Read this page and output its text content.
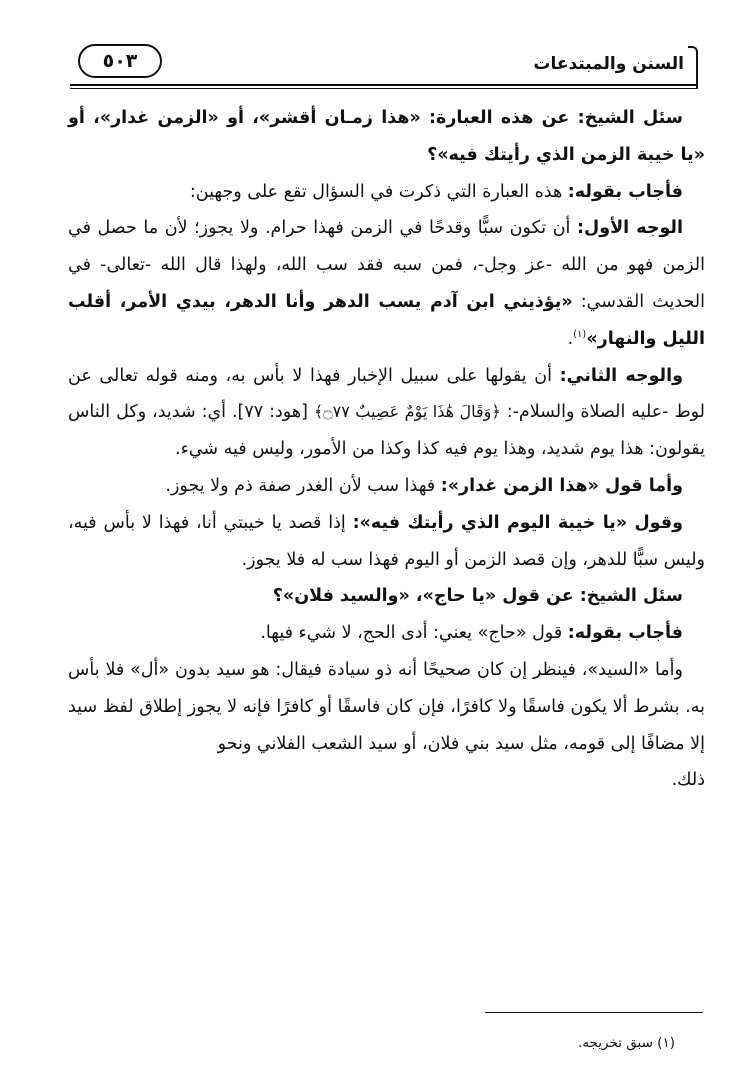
السنن والمبتدعات
٥٠٣

سئل الشيخ: عن هذه العبارة: «هذا زمـان أقشر»، أو «الزمن غدار»، أو «يا خيبة الزمن الذي رأيتك فيه»؟

فأجاب بقوله: هذه العبارة التي ذكرت في السؤال تقع على وجهين:

الوجه الأول: أن تكون سبًّا وقدحًا في الزمن فهذا حرام. ولا يجوز؛ لأن ما حصل في الزمن فهو من الله -عز وجل-، فمن سبه فقد سب الله، ولهذا قال الله -تعالى- في الحديث القدسي: «يؤذيني ابن آدم يسب الدهر وأنا الدهر، بيدي الأمر، أقلب الليل والنهار»$^{(١)}$.

والوجه الثاني: أن يقولها على سبيل الإخبار فهذا لا بأس به، ومنه قوله تعالى عن لوط -عليه الصلاة والسلام-: ﴿وَقَالَ هَٰذَا يَوْمٌ عَصِيبٌ ۝٧٧﴾ [هود: ٧٧]. أي: شديد، وكل الناس يقولون: هذا يوم شديد، وهذا يوم فيه كذا وكذا من الأمور، وليس فيه شيء.

وأما قول «هذا الزمن غدار»: فهذا سب لأن الغدر صفة ذم ولا يجوز.

وقول «يا خيبة اليوم الذي رأيتك فيه»: إذا قصد يا خيبتي أنا، فهذا لا بأس فيه، وليس سبًّا للدهر، وإن قصد الزمن أو اليوم فهذا سب له فلا يجوز.

سئل الشيخ: عن قول «يا حاج»، «والسيد فلان»؟

فأجاب بقوله: قول «حاج» يعني: أدى الحج، لا شيء فيها.

وأما «السيد»، فينظر إن كان صحيحًا أنه ذو سيادة فيقال: هو سيد بدون «أل» فلا بأس به. بشرط ألا يكون فاسقًا ولا كافرًا، فإن كان فاسقًا أو كافرًا فإنه لا يجوز إطلاق لفظ سيد إلا مضافًا إلى قومه، مثل سيد بني فلان، أو سيد الشعب الفلاني ونحو

ذلك.

(١) سبق تخريجه.
